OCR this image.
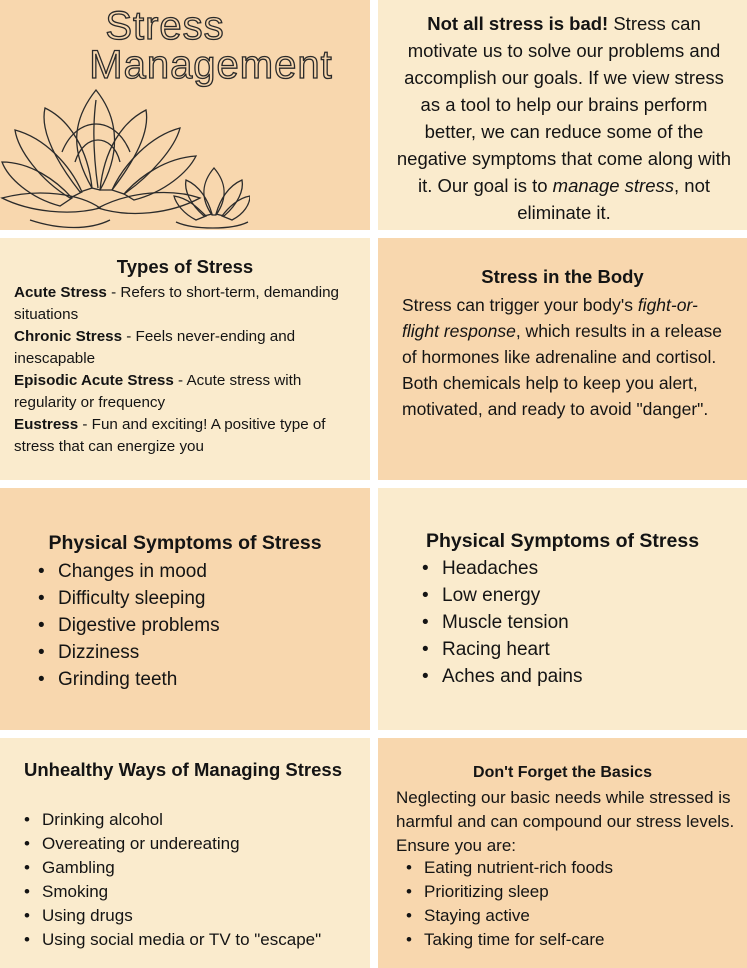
Stress
Management

Not all stress is bad! Stress can motivate us to solve our problems and accomplish our goals. If we view stress as a tool to help our brains perform better, we can reduce some of the negative symptoms that come along with it. Our goal is to manage stress, not eliminate it.

Types of Stress

Acute Stress - Refers to short-term, demanding situations

Chronic Stress - Feels never-ending and inescapable

Episodic Acute Stress - Acute stress with regularity or frequency

Eustress - Fun and exciting! A positive type of stress that can energize you

Stress in the Body

Stress can trigger your body's fight-or-flight response, which results in a release of hormones like adrenaline and cortisol. Both chemicals help to keep you alert, motivated, and ready to avoid "danger".

Physical Symptoms of Stress
• Changes in mood
• Difficulty sleeping
• Digestive problems
• Dizziness
• Grinding teeth
Physical Symptoms of Stress
• Headaches
• Low energy
• Muscle tension
• Racing heart
• Aches and pains
Unhealthy Ways of Managing Stress
• Drinking alcohol
• Overeating or undereating
• Gambling
• Smoking
• Using drugs
• Using social media or TV to "escape"
Don't Forget the Basics

Neglecting our basic needs while stressed is harmful and can compound our stress levels. Ensure you are:

• Eating nutrient-rich foods
• Prioritizing sleep
• Staying active
• Taking time for self-care
